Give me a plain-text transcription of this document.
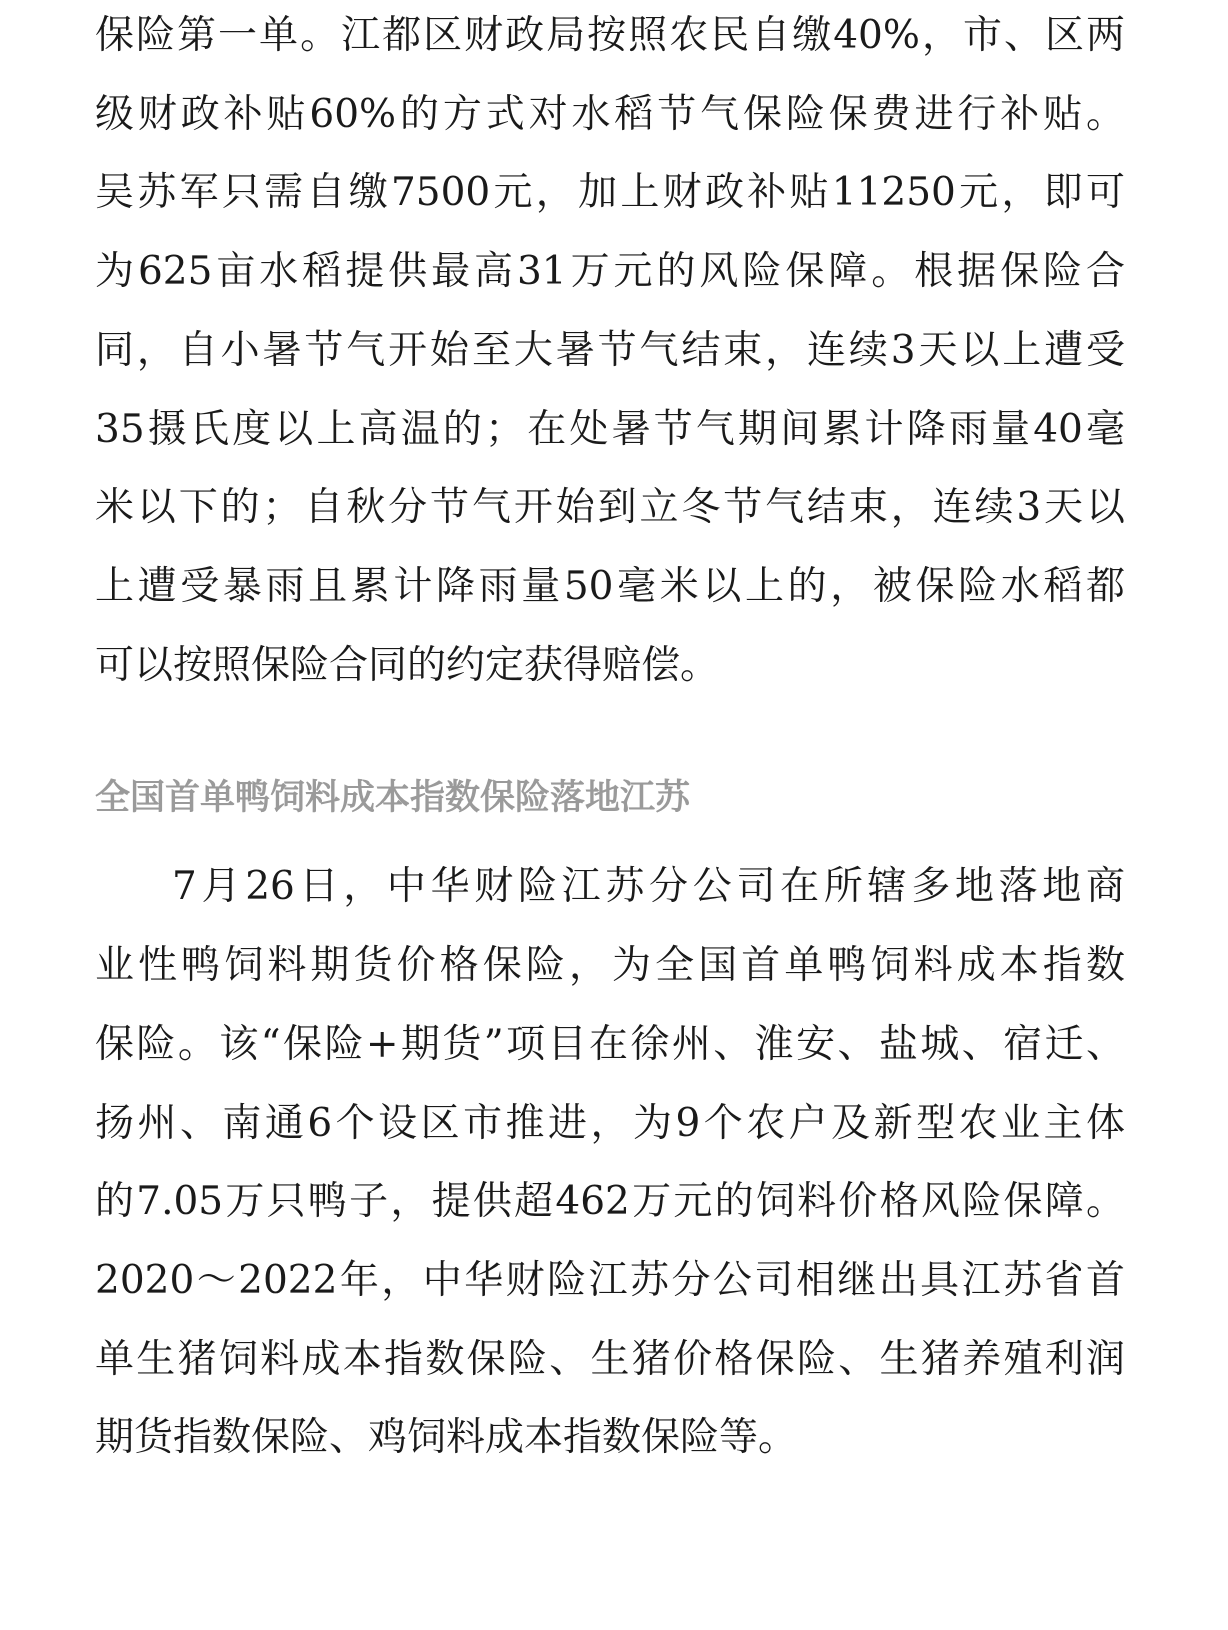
保险第一单。江都区财政局按照农民自缴40%，市、区两
级财政补贴60%的方式对水稻节气保险保费进行补贴。
吴苏军只需自缴7500元，加上财政补贴11250元，即可
为625亩水稻提供最高31万元的风险保障。根据保险合
同，自小暑节气开始至大暑节气结束，连续3天以上遭受
35摄氏度以上高温的；在处暑节气期间累计降雨量40毫
米以下的；自秋分节气开始到立冬节气结束，连续3天以
上遭受暴雨且累计降雨量50毫米以上的，被保险水稻都
可以按照保险合同的约定获得赔偿。
全国首单鸭饲料成本指数保险落地江苏
7月26日，中华财险江苏分公司在所辖多地落地商
业性鸭饲料期货价格保险，为全国首单鸭饲料成本指数
保险。该“保险+期货”项目在徐州、淮安、盐城、宿迁、
扬州、南通6个设区市推进，为9个农户及新型农业主体
的7.05万只鸭子，提供超462万元的饲料价格风险保障。
2020～2022年，中华财险江苏分公司相继出具江苏省首
单生猪饲料成本指数保险、生猪价格保险、生猪养殖利润
期货指数保险、鸡饲料成本指数保险等。
